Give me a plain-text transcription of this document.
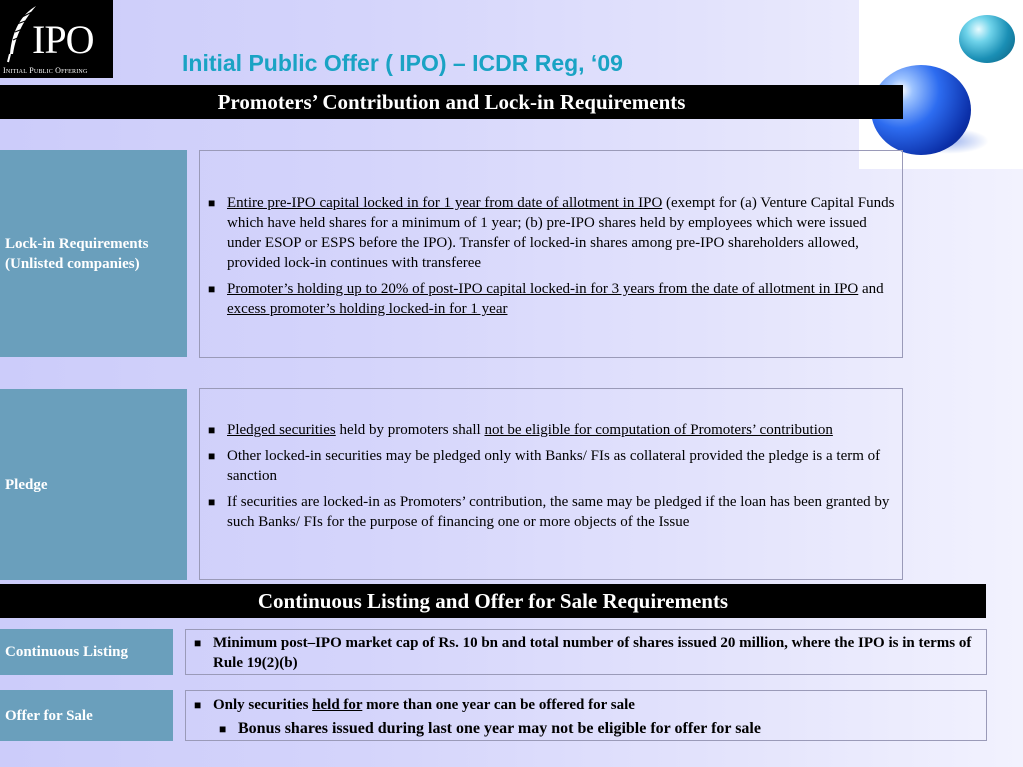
IPO
Initial Public Offering	Initial Public Offer ( IPO) – ICDR Reg, ‘09
Promoters’ Contribution and Lock-in Requirements
Lock-in Requirements (Unlisted companies)
■ Entire pre-IPO capital locked in for 1 year from date of allotment in IPO (exempt for (a) Venture Capital Funds which have held shares for a minimum of 1 year; (b) pre-IPO shares held by employees which were issued under ESOP or ESPS before the IPO). Transfer of locked-in shares among pre-IPO shareholders allowed, provided lock-in continues with transferee
■ Promoter’s holding up to 20% of post-IPO capital locked-in for 3 years from the date of allotment in IPO and excess promoter’s holding locked-in for 1 year
Pledge
■ Pledged securities held by promoters shall not be eligible for computation of Promoters’ contribution
■ Other locked-in securities may be pledged only with Banks/ FIs as collateral provided the pledge is a term of sanction
■ If securities are locked-in as Promoters’ contribution, the same may be pledged if the loan has been granted by such Banks/ FIs for the purpose of financing one or more objects of the Issue
Continuous Listing and Offer for Sale Requirements
Continuous Listing
■ Minimum post–IPO market cap of Rs. 10 bn and total number of shares issued 20 million, where the IPO is in terms of Rule 19(2)(b)
Offer for Sale
■ Only securities held for more than one year can be offered for sale
■ Bonus shares issued during last one year may not be eligible for offer for sale
